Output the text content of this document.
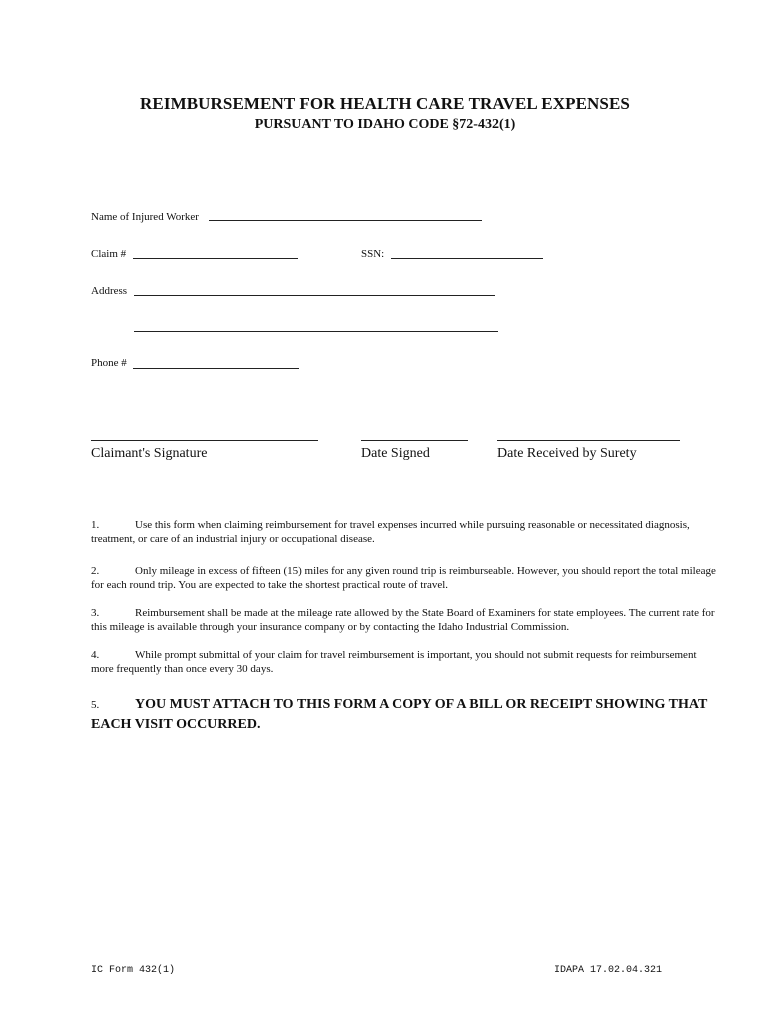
REIMBURSEMENT FOR HEALTH CARE TRAVEL EXPENSES
PURSUANT TO IDAHO CODE §72-432(1)
Name of Injured Worker
Claim #	SSN:
Address
Phone #
Claimant's Signature	Date Signed	Date Received by Surety
1.	Use this form when claiming reimbursement for travel expenses incurred while pursuing reasonable or necessitated diagnosis, treatment, or care of an industrial injury or occupational disease.
2.	Only mileage in excess of fifteen (15) miles for any given round trip is reimburseable. However, you should report the total mileage for each round trip. You are expected to take the shortest practical route of travel.
3.	Reimbursement shall be made at the mileage rate allowed by the State Board of Examiners for state employees. The current rate for this mileage is available through your insurance company or by contacting the Idaho Industrial Commission.
4.	While prompt submittal of your claim for travel reimbursement is important, you should not submit requests for reimbursement more frequently than once every 30 days.
5.	YOU MUST ATTACH TO THIS FORM A COPY OF A BILL OR RECEIPT SHOWING THAT EACH VISIT OCCURRED.
IC Form 432(1)	IDAPA 17.02.04.321
